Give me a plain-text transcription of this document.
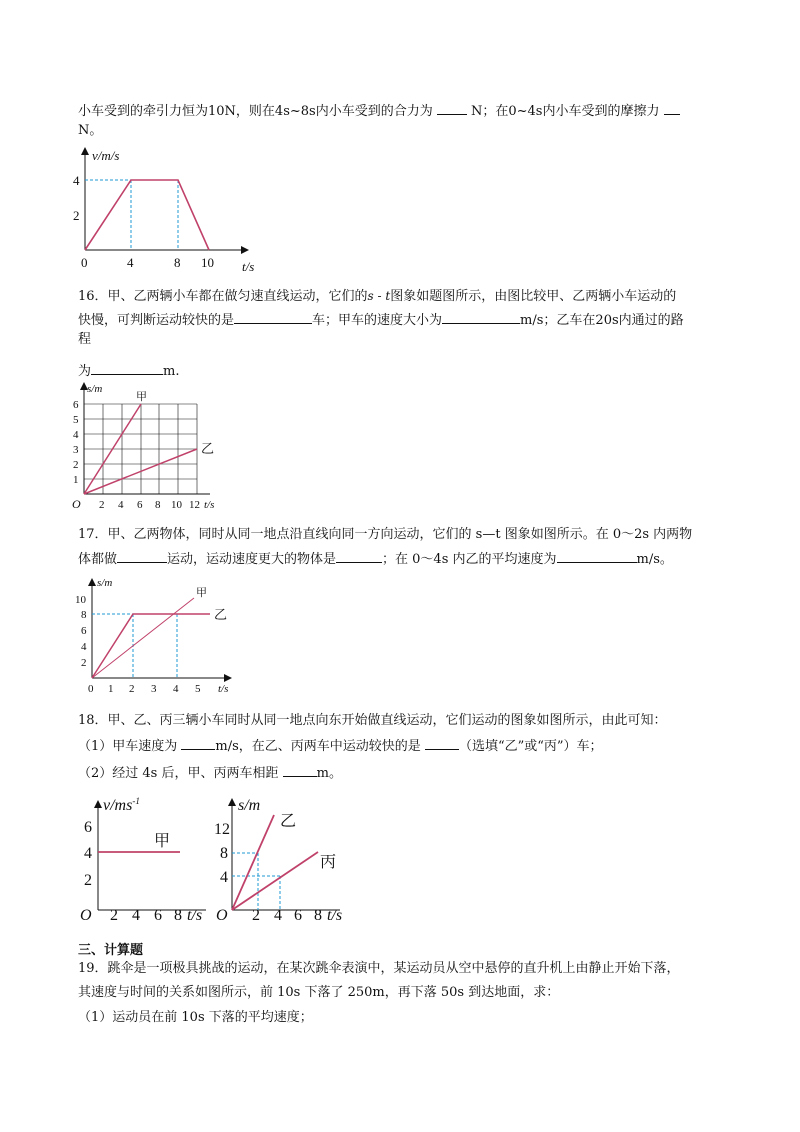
小车受到的牵引力恒为10N，则在4s~8s内小车受到的合力为	N；在0~4s内小车受到的摩擦力
N。
v/m/s
4
2
0	4	8 10 t/s
16．甲、乙两辆小车都在做匀速直线运动，它们的s - t图象如题图所示，由图比较甲、乙两辆小车运动的
快慢，可判断运动较快的是	车；甲车的速度大小为	m/s；乙车在20s内通过的路
程
为	m.
s/m
6
5
4
3
2
1
O 2 4 6 8 10 12 t/s
甲
乙
17．甲、乙两物体，同时从同一地点沿直线向同一方向运动，它们的 s—t 图象如图所示。在 0～2s 内两物
体都做	运动，运动速度更大的物体是	；在 0～4s 内乙的平均速度为	m/s。
s/m
10
8
6
4
2
0 1 2 3 4 5 t/s
甲
乙
18．甲、乙、丙三辆小车同时从同一地点向东开始做直线运动，它们运动的图象如图所示，由此可知：
（1）甲车速度为	m/s，在乙、丙两车中运动较快的是	（选填“乙”或“丙”）车；
（2）经过 4s 后，甲、丙两车相距	m。
$v/ms^{-1}$
6
4
2
O 2 4 6 8 t/s
甲
s/m
12
8
4
O 2 4 6 8 t/s
乙
丙
三、计算题
19．跳伞是一项极具挑战的运动，在某次跳伞表演中，某运动员从空中悬停的直升机上由静止开始下落，
其速度与时间的关系如图所示，前 10s 下落了 250m，再下落 50s 到达地面，求：
（1）运动员在前 10s 下落的平均速度；
